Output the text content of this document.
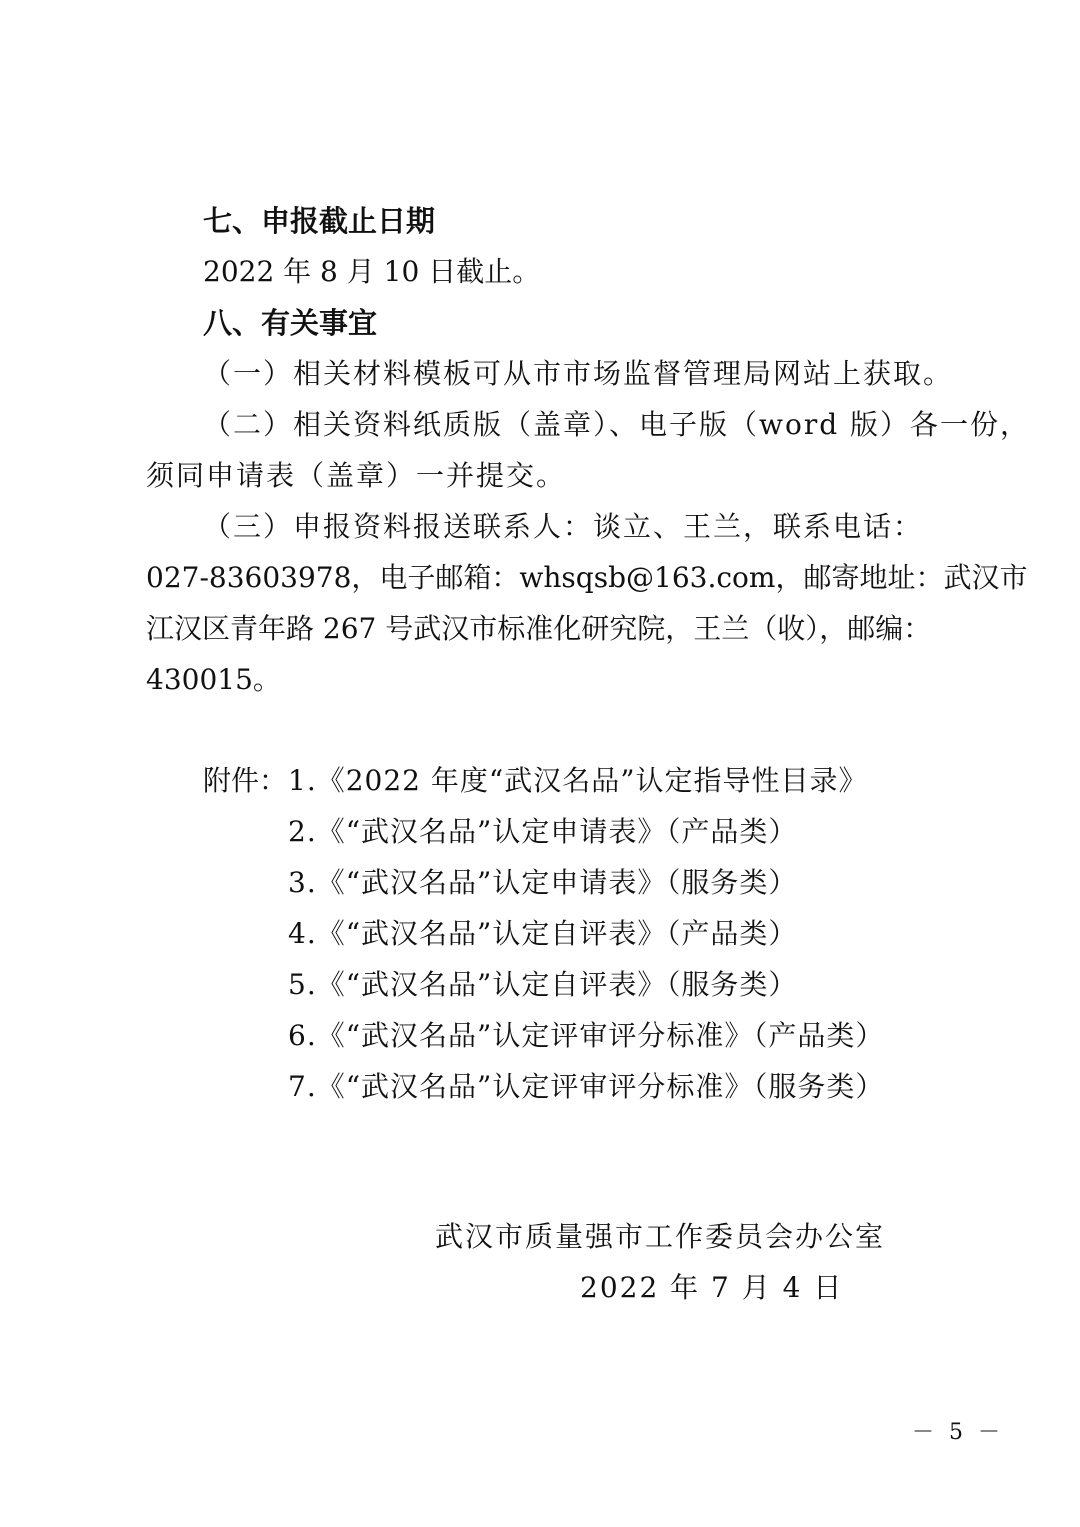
七、申报截止日期
2022 年 8 月 10 日截止。
八、有关事宜
（一）相关材料模板可从市市场监督管理局网站上获取。
（二）相关资料纸质版（盖章）、电子版（word 版）各一份，
须同申请表（盖章）一并提交。
（三）申报资料报送联系人：谈立、王兰，联系电话：
027-83603978，电子邮箱：whsqsb@163.com，邮寄地址：武汉市
江汉区青年路 267 号武汉市标准化研究院，王兰（收），邮编：
430015。
附件： 1.《2022 年度“武汉名品”认定指导性目录》
2.《“武汉名品”认定申请表》（产品类）
3.《“武汉名品”认定申请表》（服务类）
4.《“武汉名品”认定自评表》（产品类）
5.《“武汉名品”认定自评表》（服务类）
6.《“武汉名品”认定评审评分标准》（产品类）
7.《“武汉名品”认定评审评分标准》（服务类）
武汉市质量强市工作委员会办公室
2022 年 7 月 4 日
－ 5 －
